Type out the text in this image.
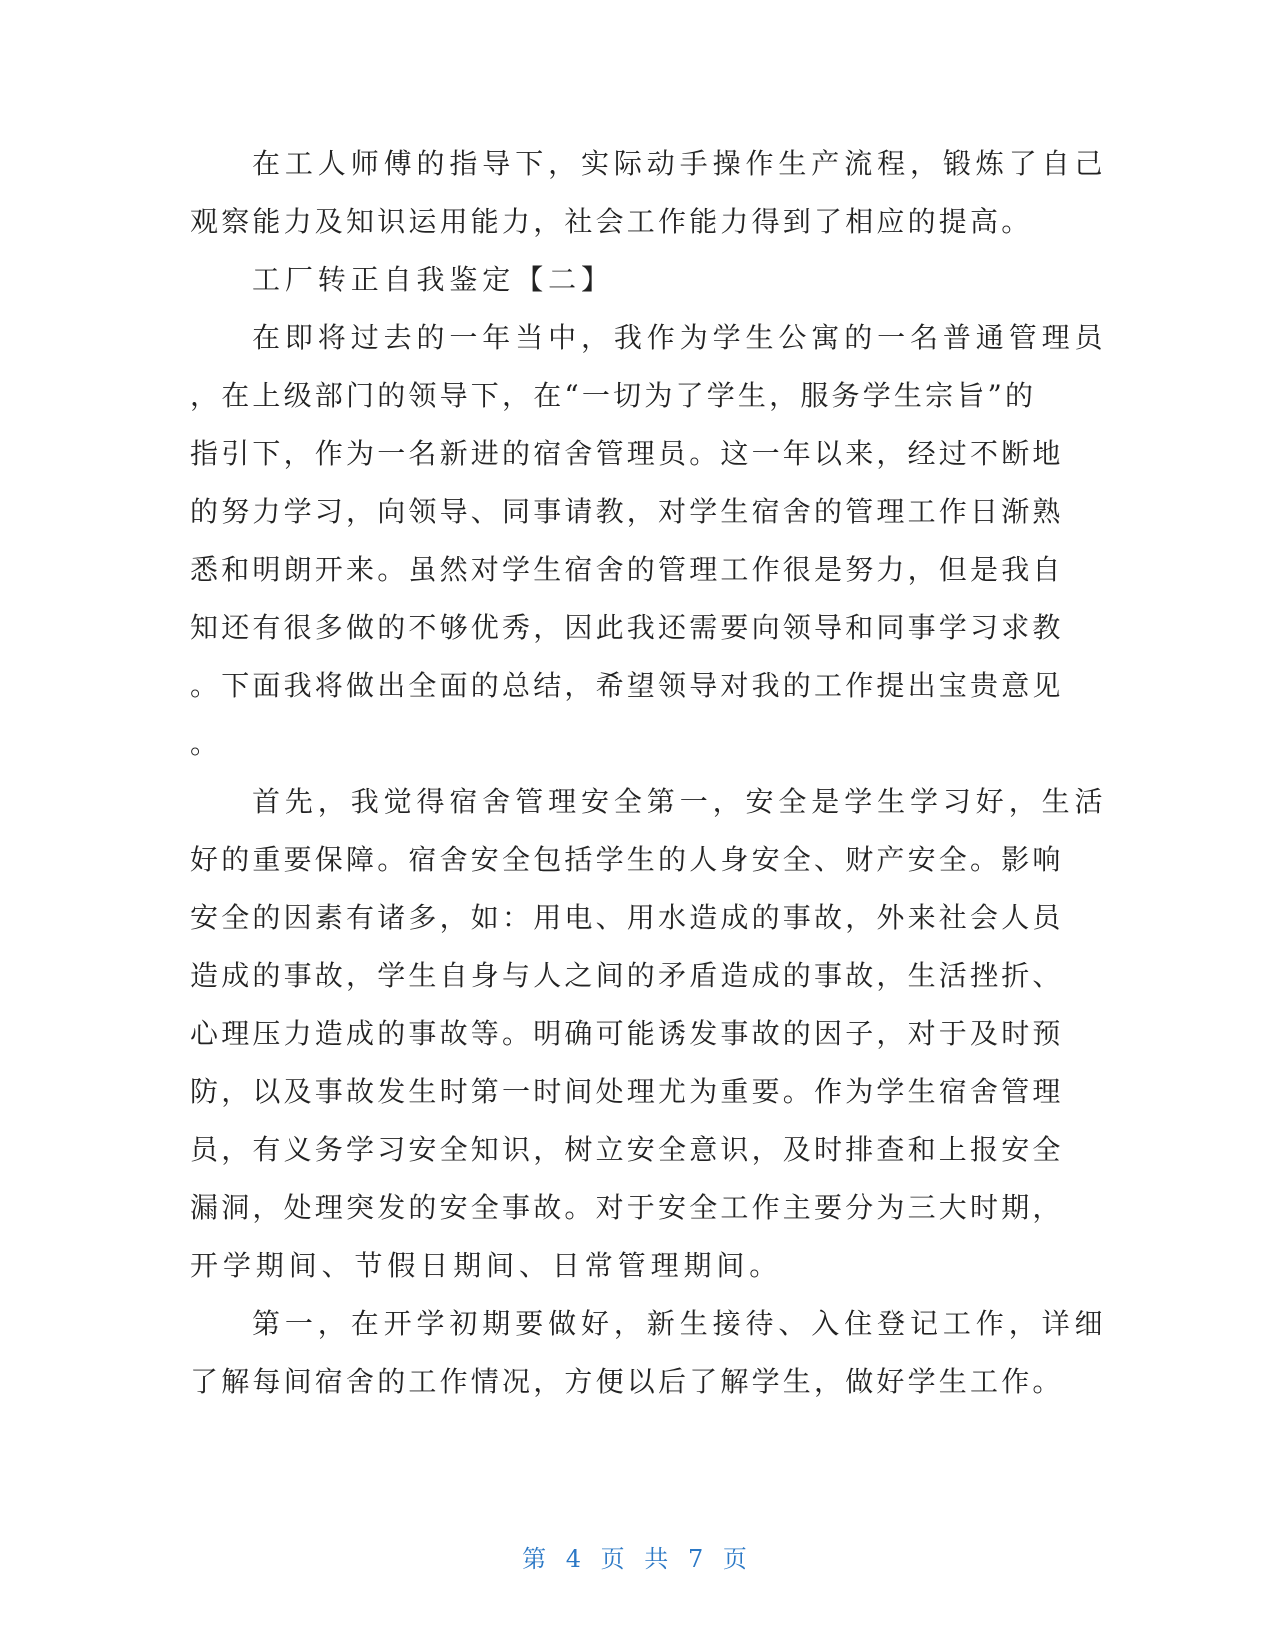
在工人师傅的指导下，实际动手操作生产流程，锻炼了自己
观察能力及知识运用能力，社会工作能力得到了相应的提高。
工厂转正自我鉴定【二】
在即将过去的一年当中，我作为学生公寓的一名普通管理员
，在上级部门的领导下，在“一切为了学生，服务学生宗旨”的
指引下，作为一名新进的宿舍管理员。这一年以来，经过不断地
的努力学习，向领导、同事请教，对学生宿舍的管理工作日渐熟
悉和明朗开来。虽然对学生宿舍的管理工作很是努力，但是我自
知还有很多做的不够优秀，因此我还需要向领导和同事学习求教
。下面我将做出全面的总结，希望领导对我的工作提出宝贵意见
。
首先，我觉得宿舍管理安全第一，安全是学生学习好，生活
好的重要保障。宿舍安全包括学生的人身安全、财产安全。影响
安全的因素有诸多，如：用电、用水造成的事故，外来社会人员
造成的事故，学生自身与人之间的矛盾造成的事故，生活挫折、
心理压力造成的事故等。明确可能诱发事故的因子，对于及时预
防，以及事故发生时第一时间处理尤为重要。作为学生宿舍管理
员，有义务学习安全知识，树立安全意识，及时排查和上报安全
漏洞，处理突发的安全事故。对于安全工作主要分为三大时期，
开学期间、节假日期间、日常管理期间。
第一，在开学初期要做好，新生接待、入住登记工作，详细
了解每间宿舍的工作情况，方便以后了解学生，做好学生工作。
第 4 页 共 7 页
